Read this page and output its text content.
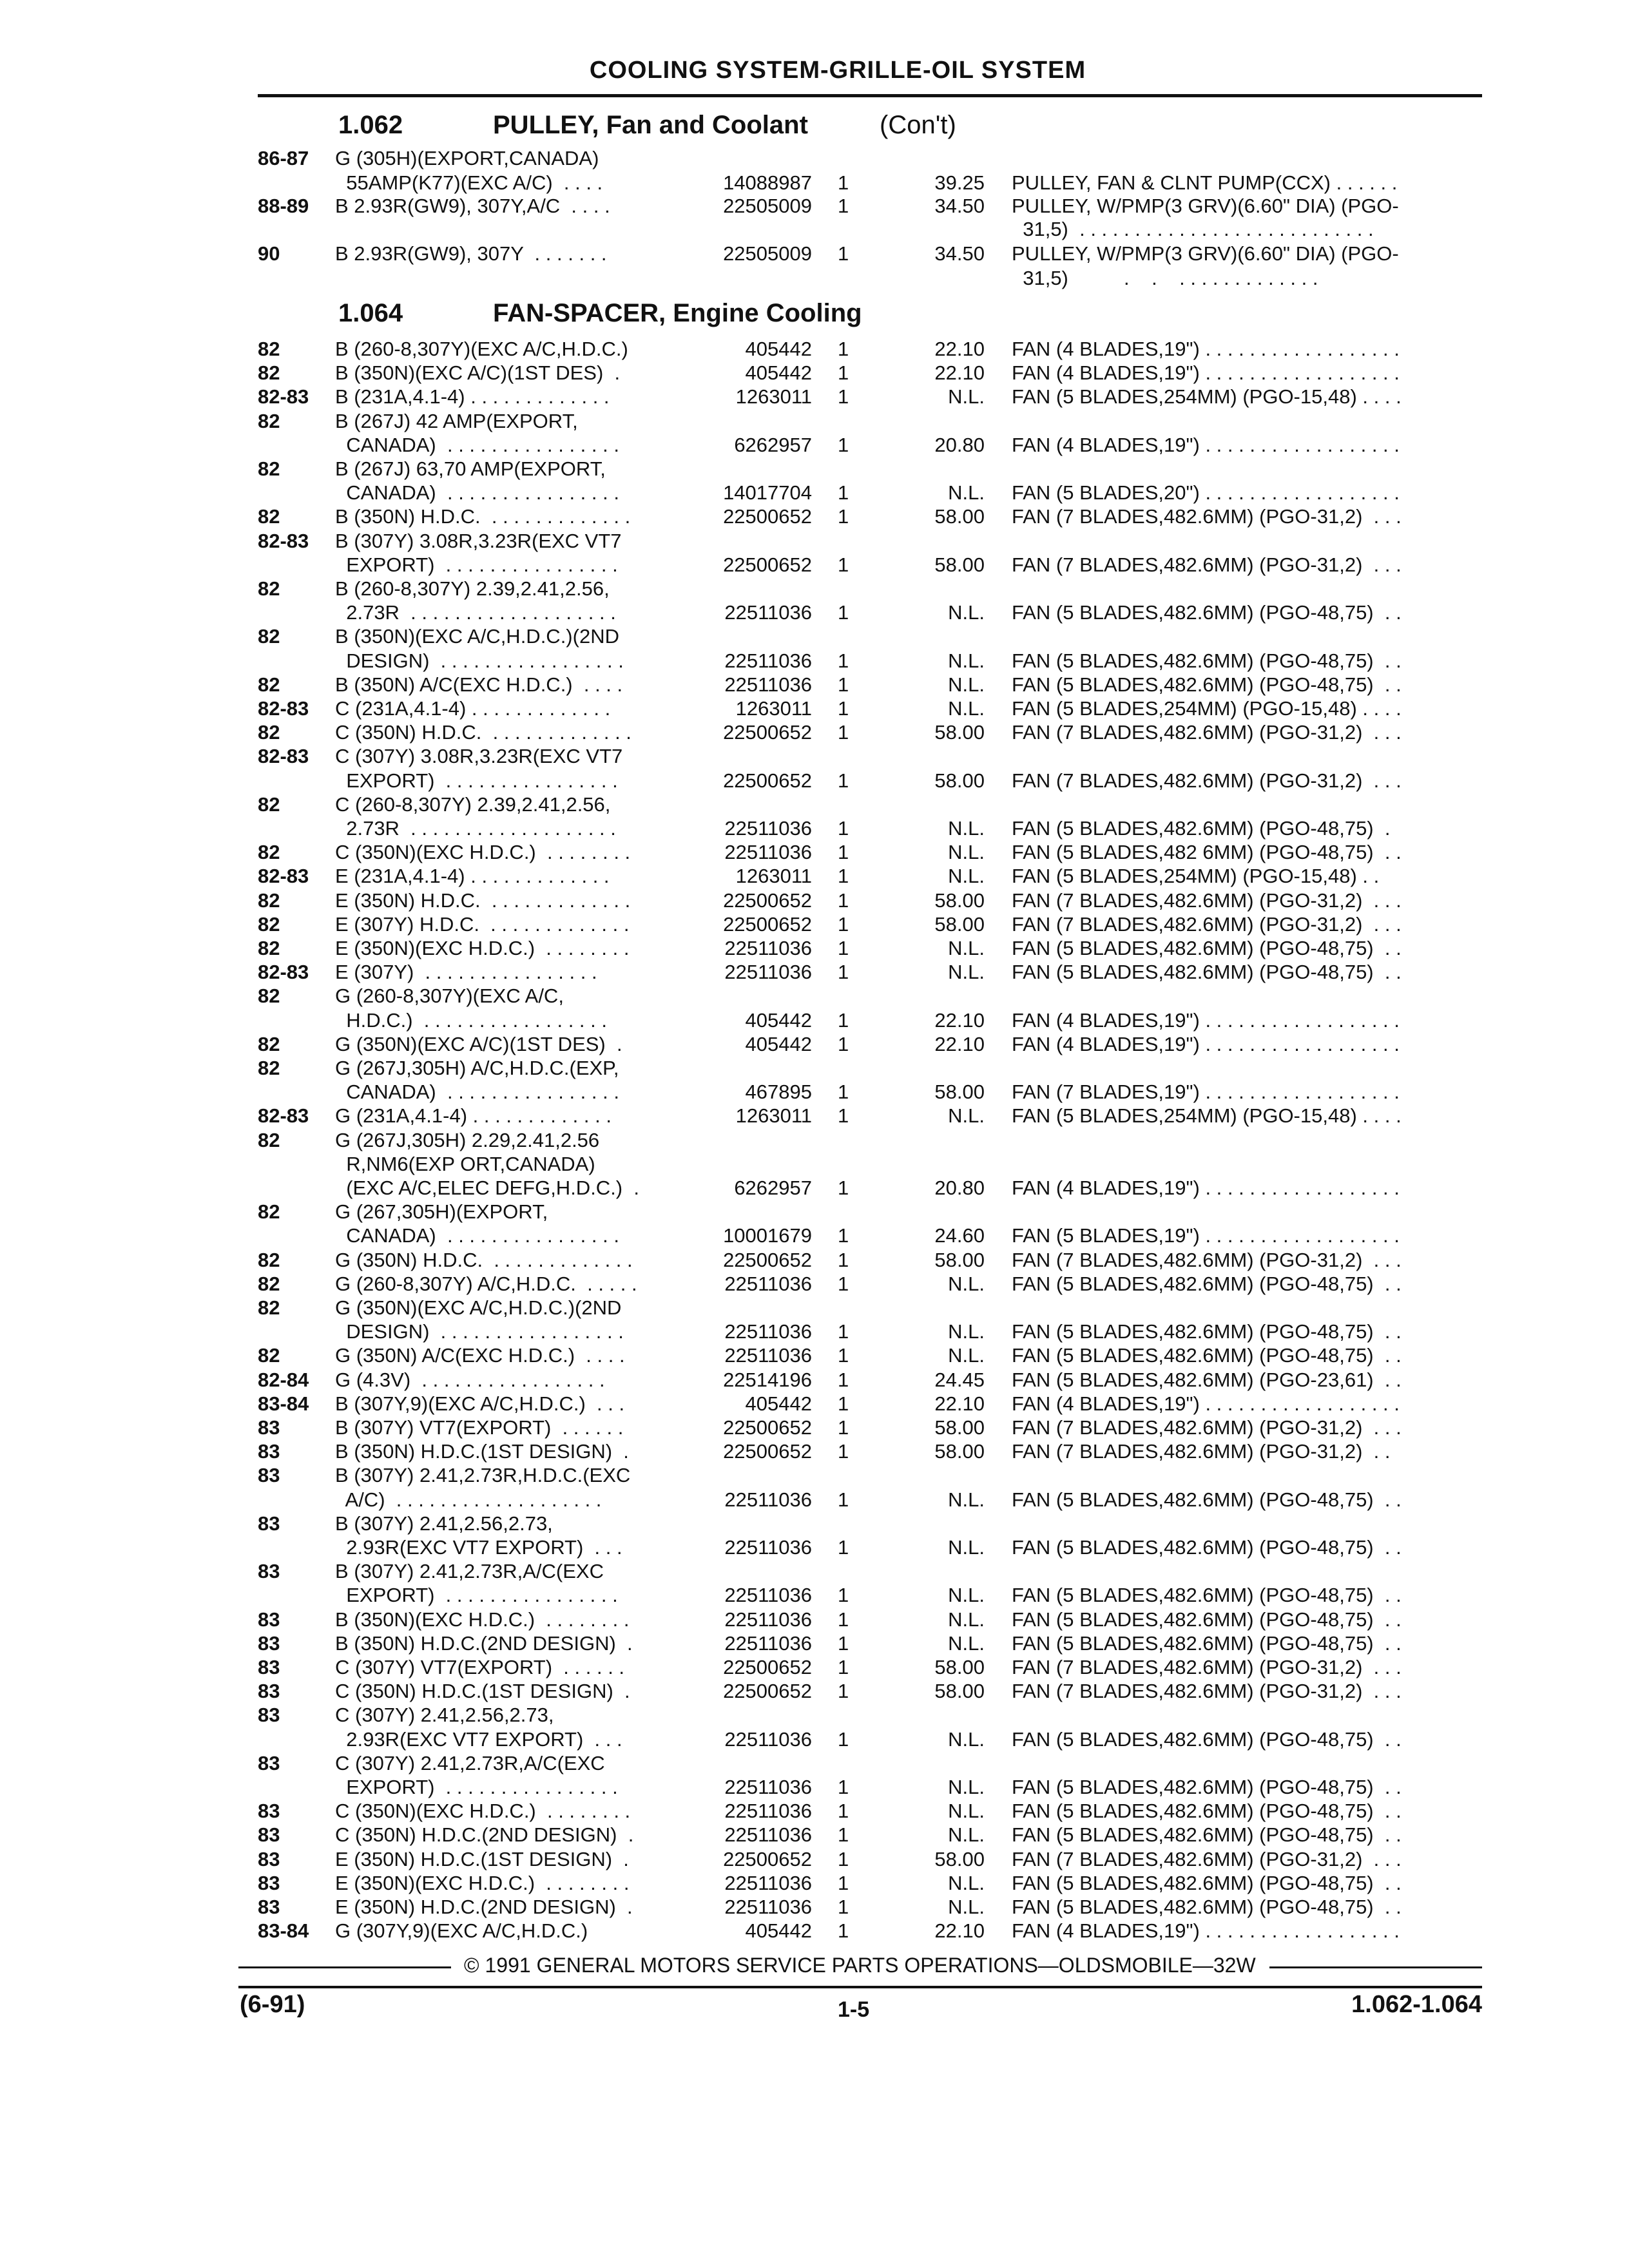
COOLING SYSTEM-GRILLE-OIL SYSTEM
1.062	PULLEY, Fan and Coolant	(Con't)
1.064	FAN-SPACER, Engine Cooling
86-87 G (305H)(EXPORT,CANADA)
55AMP(K77)(EXC A/C)  . . . .	14088987 1	39.25 PULLEY, FAN & CLNT PUMP(CCX) . . . . . .
88-89 B 2.93R(GW9), 307Y,A/C  . . . .	22505009 1	34.50 PULLEY, W/PMP(3 GRV)(6.60" DIA) (PGO-
31,5)  . . . . . . . . . . . . . . . . . . . . . . . . . . .
90	B 2.93R(GW9), 307Y  . . . . . . .	22505009 1	34.50 PULLEY, W/PMP(3 GRV)(6.60" DIA) (PGO-
31,5)          .    .    . . . . . . . . . . . . .
82	B (260-8,307Y)(EXC A/C,H.D.C.)	405442 1	22.10 FAN (4 BLADES,19") . . . . . . . . . . . . . . . . . .
82	B (350N)(EXC A/C)(1ST DES)  .	405442 1	22.10 FAN (4 BLADES,19") . . . . . . . . . . . . . . . . . .
82-83 B (231A,4.1-4) . . . . . . . . . . . . .	1263011 1	N.L. FAN (5 BLADES,254MM) (PGO-15,48) . . . .
82	B (267J) 42 AMP(EXPORT,
CANADA)  . . . . . . . . . . . . . . . .	6262957 1	20.80 FAN (4 BLADES,19") . . . . . . . . . . . . . . . . . .
82	B (267J) 63,70 AMP(EXPORT,
CANADA)  . . . . . . . . . . . . . . . .	14017704 1	N.L. FAN (5 BLADES,20") . . . . . . . . . . . . . . . . . .
82	B (350N) H.D.C.  . . . . . . . . . . . . .	22500652 1	58.00 FAN (7 BLADES,482.6MM) (PGO-31,2)  . . .
82-83 B (307Y) 3.08R,3.23R(EXC VT7
EXPORT)  . . . . . . . . . . . . . . . .	22500652 1	58.00 FAN (7 BLADES,482.6MM) (PGO-31,2)  . . .
82	B (260-8,307Y) 2.39,2.41,2.56,
2.73R  . . . . . . . . . . . . . . . . . . .	22511036 1	N.L. FAN (5 BLADES,482.6MM) (PGO-48,75)  . .
82	B (350N)(EXC A/C,H.D.C.)(2ND
DESIGN)  . . . . . . . . . . . . . . . . .	22511036 1	N.L. FAN (5 BLADES,482.6MM) (PGO-48,75)  . .
82	B (350N) A/C(EXC H.D.C.)  . . . .	22511036 1	N.L. FAN (5 BLADES,482.6MM) (PGO-48,75)  . .
82-83 C (231A,4.1-4) . . . . . . . . . . . . .	1263011 1	N.L. FAN (5 BLADES,254MM) (PGO-15,48) . . . .
82	C (350N) H.D.C.  . . . . . . . . . . . . .	22500652 1	58.00 FAN (7 BLADES,482.6MM) (PGO-31,2)  . . .
82-83 C (307Y) 3.08R,3.23R(EXC VT7
EXPORT)  . . . . . . . . . . . . . . . .	22500652 1	58.00 FAN (7 BLADES,482.6MM) (PGO-31,2)  . . .
82	C (260-8,307Y) 2.39,2.41,2.56,
2.73R  . . . . . . . . . . . . . . . . . . .	22511036 1	N.L. FAN (5 BLADES,482.6MM) (PGO-48,75)  .
82	C (350N)(EXC H.D.C.)  . . . . . . . .	22511036 1	N.L. FAN (5 BLADES,482 6MM) (PGO-48,75)  . .
82-83 E (231A,4.1-4) . . . . . . . . . . . . .	1263011 1	N.L. FAN (5 BLADES,254MM) (PGO-15,48) . .
82	E (350N) H.D.C.  . . . . . . . . . . . . .	22500652 1	58.00 FAN (7 BLADES,482.6MM) (PGO-31,2)  . . .
82	E (307Y) H.D.C.  . . . . . . . . . . . . .	22500652 1	58.00 FAN (7 BLADES,482.6MM) (PGO-31,2)  . . .
82	E (350N)(EXC H.D.C.)  . . . . . . . .	22511036 1	N.L. FAN (5 BLADES,482.6MM) (PGO-48,75)  . .
82-83 E (307Y)  . . . . . . . . . . . . . . . .	22511036 1	N.L. FAN (5 BLADES,482.6MM) (PGO-48,75)  . .
82	G (260-8,307Y)(EXC A/C,
H.D.C.)  . . . . . . . . . . . . . . . . .	405442 1	22.10 FAN (4 BLADES,19") . . . . . . . . . . . . . . . . . .
82	G (350N)(EXC A/C)(1ST DES)  .	405442 1	22.10 FAN (4 BLADES,19") . . . . . . . . . . . . . . . . . .
82	G (267J,305H) A/C,H.D.C.(EXP,
CANADA)  . . . . . . . . . . . . . . . .	467895 1	58.00 FAN (7 BLADES,19") . . . . . . . . . . . . . . . . . .
82-83 G (231A,4.1-4) . . . . . . . . . . . . .	1263011 1	N.L. FAN (5 BLADES,254MM) (PGO-15,48) . . . .
82	G (267J,305H) 2.29,2.41,2.56
R,NM6(EXP ORT,CANADA)
(EXC A/C,ELEC DEFG,H.D.C.)  .	6262957 1	20.80 FAN (4 BLADES,19") . . . . . . . . . . . . . . . . . .
82	G (267,305H)(EXPORT,
CANADA)  . . . . . . . . . . . . . . . .	10001679 1	24.60 FAN (5 BLADES,19") . . . . . . . . . . . . . . . . . .
82	G (350N) H.D.C.  . . . . . . . . . . . . .	22500652 1	58.00 FAN (7 BLADES,482.6MM) (PGO-31,2)  . . .
82	G (260-8,307Y) A/C,H.D.C.  . . . . .	22511036 1	N.L. FAN (5 BLADES,482.6MM) (PGO-48,75)  . .
82	G (350N)(EXC A/C,H.D.C.)(2ND
DESIGN)  . . . . . . . . . . . . . . . . .	22511036 1	N.L. FAN (5 BLADES,482.6MM) (PGO-48,75)  . .
82	G (350N) A/C(EXC H.D.C.)  . . . .	22511036 1	N.L. FAN (5 BLADES,482.6MM) (PGO-48,75)  . .
82-84 G (4.3V)  . . . . . . . . . . . . . . . . .	22514196 1	24.45 FAN (5 BLADES,482.6MM) (PGO-23,61)  . .
83-84 B (307Y,9)(EXC A/C,H.D.C.)  . . .	405442 1	22.10 FAN (4 BLADES,19") . . . . . . . . . . . . . . . . . .
83	B (307Y) VT7(EXPORT)  . . . . . .	22500652 1	58.00 FAN (7 BLADES,482.6MM) (PGO-31,2)  . . .
83	B (350N) H.D.C.(1ST DESIGN)  .	22500652 1	58.00 FAN (7 BLADES,482.6MM) (PGO-31,2)  . .
83	B (307Y) 2.41,2.73R,H.D.C.(EXC
A/C)  . . . . . . . . . . . . . . . . . . .	22511036 1	N.L. FAN (5 BLADES,482.6MM) (PGO-48,75)  . .
83	B (307Y) 2.41,2.56,2.73,
2.93R(EXC VT7 EXPORT)  . . .	22511036 1	N.L. FAN (5 BLADES,482.6MM) (PGO-48,75)  . .
83	B (307Y) 2.41,2.73R,A/C(EXC
EXPORT)  . . . . . . . . . . . . . . . .	22511036 1	N.L. FAN (5 BLADES,482.6MM) (PGO-48,75)  . .
83	B (350N)(EXC H.D.C.)  . . . . . . . .	22511036 1	N.L. FAN (5 BLADES,482.6MM) (PGO-48,75)  . .
83	B (350N) H.D.C.(2ND DESIGN)  .	22511036 1	N.L. FAN (5 BLADES,482.6MM) (PGO-48,75)  . .
83	C (307Y) VT7(EXPORT)  . . . . . .	22500652 1	58.00 FAN (7 BLADES,482.6MM) (PGO-31,2)  . . .
83	C (350N) H.D.C.(1ST DESIGN)  .	22500652 1	58.00 FAN (7 BLADES,482.6MM) (PGO-31,2)  . . .
83	C (307Y) 2.41,2.56,2.73,
2.93R(EXC VT7 EXPORT)  . . .	22511036 1	N.L. FAN (5 BLADES,482.6MM) (PGO-48,75)  . .
83	C (307Y) 2.41,2.73R,A/C(EXC
EXPORT)  . . . . . . . . . . . . . . . .	22511036 1	N.L. FAN (5 BLADES,482.6MM) (PGO-48,75)  . .
83	C (350N)(EXC H.D.C.)  . . . . . . . .	22511036 1	N.L. FAN (5 BLADES,482.6MM) (PGO-48,75)  . .
83	C (350N) H.D.C.(2ND DESIGN)  .	22511036 1	N.L. FAN (5 BLADES,482.6MM) (PGO-48,75)  . .
83	E (350N) H.D.C.(1ST DESIGN)  .	22500652 1	58.00 FAN (7 BLADES,482.6MM) (PGO-31,2)  . . .
83	E (350N)(EXC H.D.C.)  . . . . . . . .	22511036 1	N.L. FAN (5 BLADES,482.6MM) (PGO-48,75)  . .
83	E (350N) H.D.C.(2ND DESIGN)  .	22511036 1	N.L. FAN (5 BLADES,482.6MM) (PGO-48,75)  . .
83-84 G (307Y,9)(EXC A/C,H.D.C.)	405442 1	22.10 FAN (4 BLADES,19") . . . . . . . . . . . . . . . . . .
© 1991 GENERAL MOTORS SERVICE PARTS OPERATIONS—OLDSMOBILE—32W
(6-91)	1-5	1.062-1.064
